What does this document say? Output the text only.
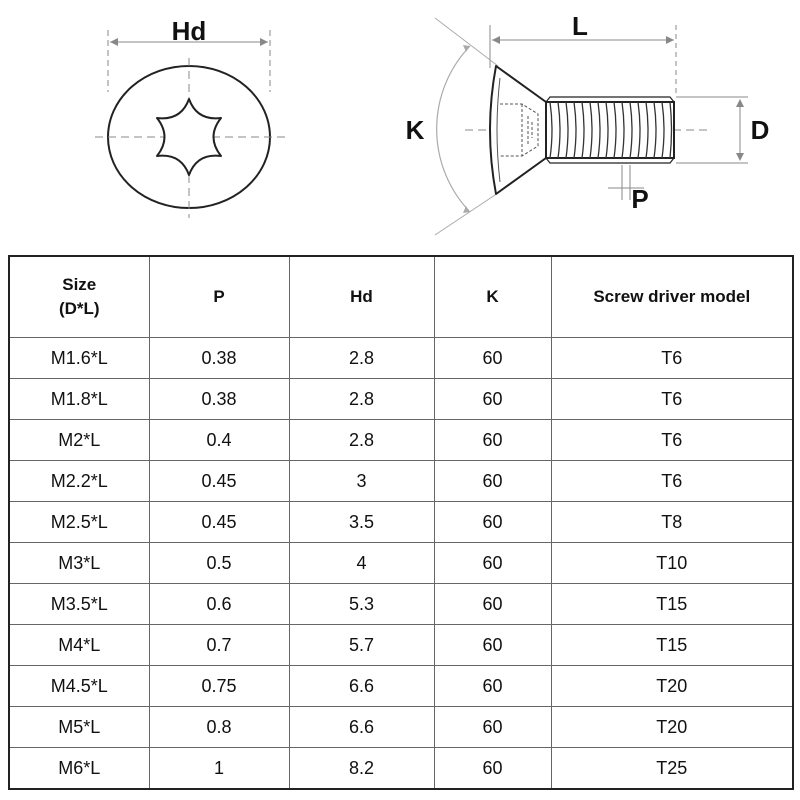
Hd	L
K	D
P
Size
(D*L)	P	Hd	K	Screw driver model
M1.6*L	0.38	2.8	60	T6
M1.8*L	0.38	2.8	60	T6
M2*L	0.4	2.8	60	T6
M2.2*L	0.45	3	60	T6
M2.5*L	0.45	3.5	60	T8
M3*L	0.5	4	60	T10
M3.5*L	0.6	5.3	60	T15
M4*L	0.7	5.7	60	T15
M4.5*L	0.75	6.6	60	T20
M5*L	0.8	6.6	60	T20
M6*L	1	8.2	60	T25
